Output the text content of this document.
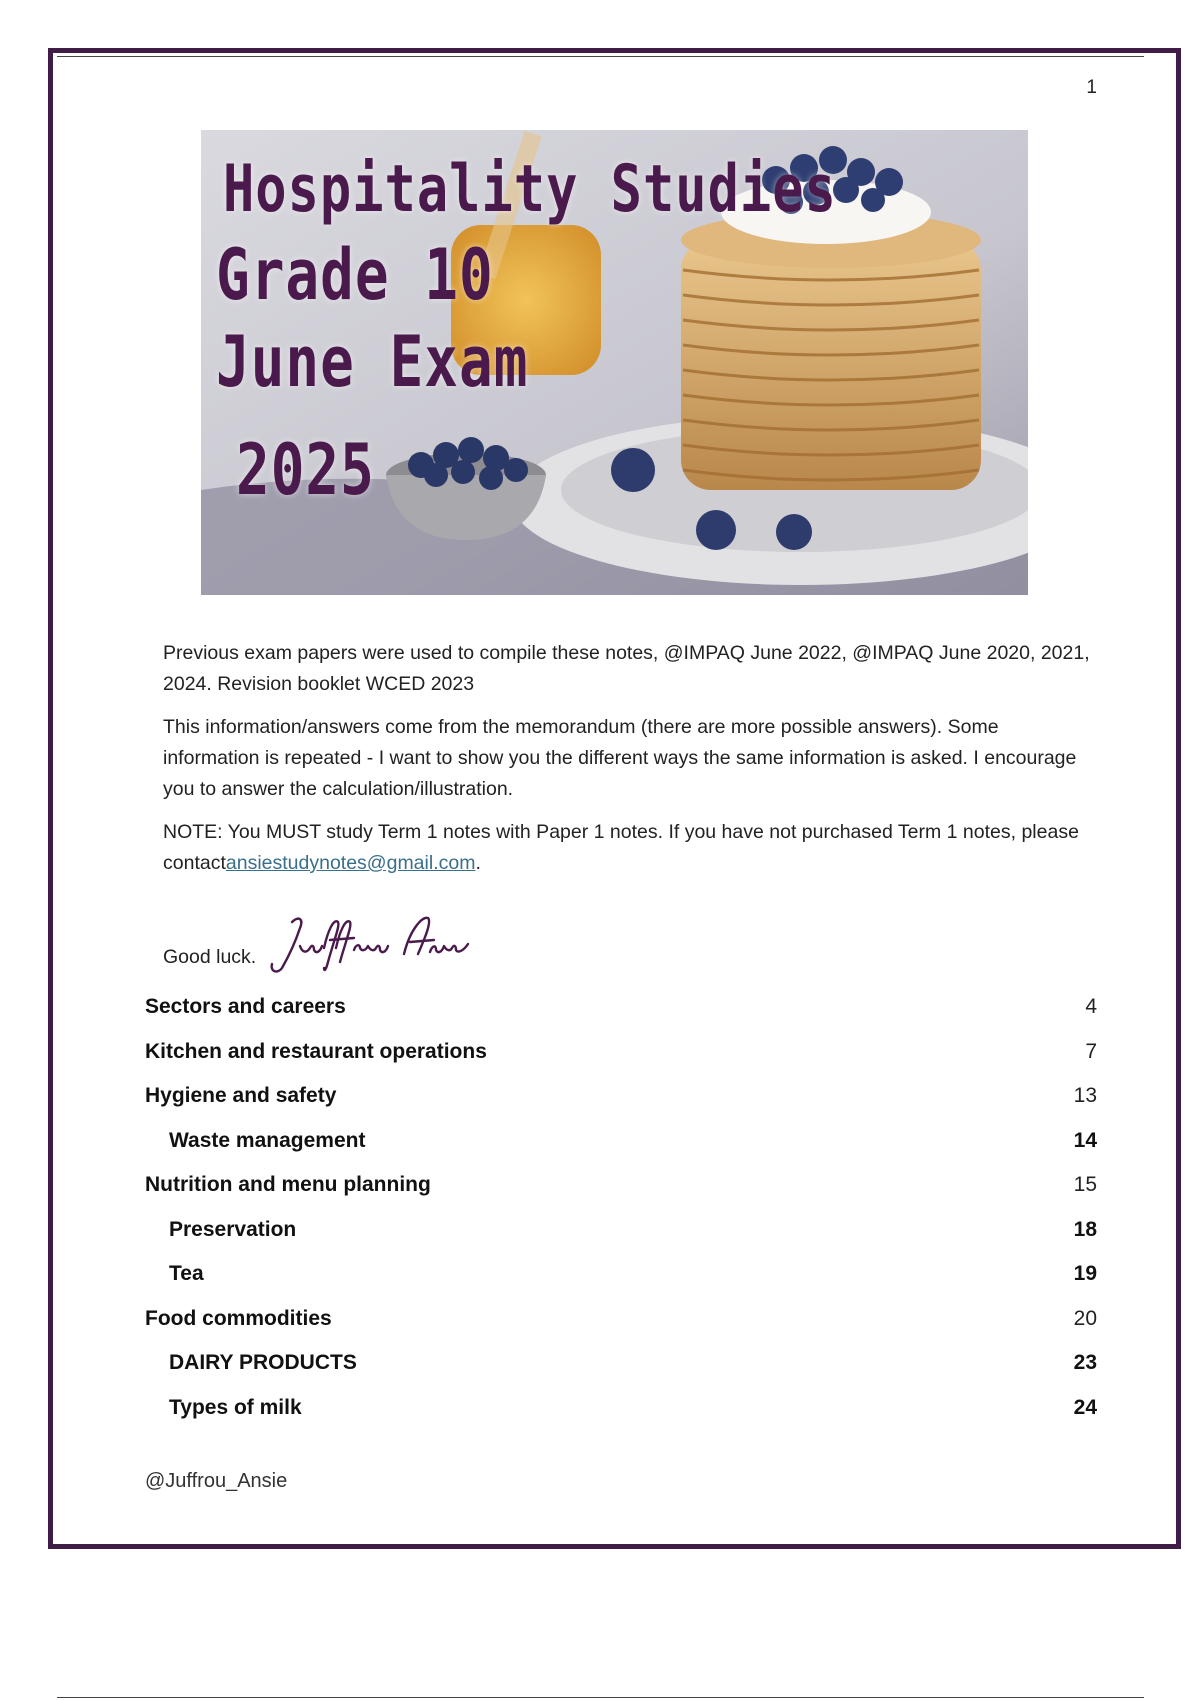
1
Hospitality Studies
Grade 10
June Exam
2025

Previous exam papers were used to compile these notes, @IMPAQ June 2022, @IMPAQ June 2020, 2021, 2024. Revision booklet WCED 2023

This information/answers come from the memorandum (there are more possible answers). Some information is repeated - I want to show you the different ways the same information is asked. I encourage you to answer the calculation/illustration.

NOTE: You MUST study Term 1 notes with Paper 1 notes. If you have not purchased Term 1 notes, please contactansiestudynotes@gmail.com.

Good luck.
Sectors and careers	4
Kitchen and restaurant operations	7
Hygiene and safety	13
Waste management	14
Nutrition and menu planning	15
Preservation	18
Tea	19
Food commodities	20
DAIRY PRODUCTS	23
Types of milk	24
@Juffrou_Ansie
